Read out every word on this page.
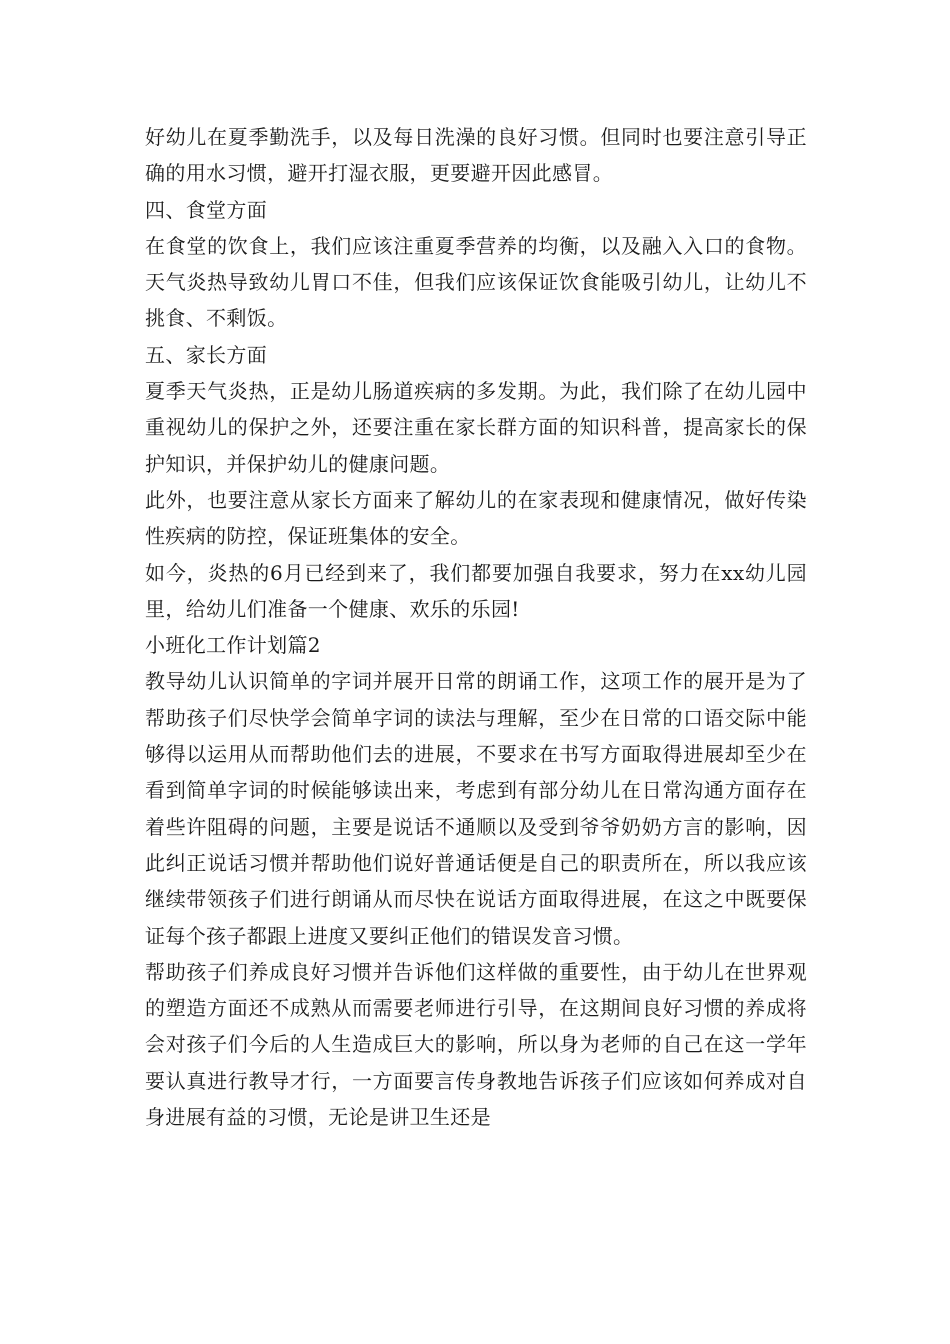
好幼儿在夏季勤洗手，以及每日洗澡的良好习惯。但同时也要注意引导正确的用水习惯，避开打湿衣服，更要避开因此感冒。

四、食堂方面

在食堂的饮食上，我们应该注重夏季营养的均衡，以及融入入口的食物。天气炎热导致幼儿胃口不佳，但我们应该保证饮食能吸引幼儿，让幼儿不挑食、不剩饭。

五、家长方面

夏季天气炎热，正是幼儿肠道疾病的多发期。为此，我们除了在幼儿园中重视幼儿的保护之外，还要注重在家长群方面的知识科普，提高家长的保护知识，并保护幼儿的健康问题。

此外，也要注意从家长方面来了解幼儿的在家表现和健康情况，做好传染性疾病的防控，保证班集体的安全。

如今，炎热的6月已经到来了，我们都要加强自我要求，努力在xx幼儿园里，给幼儿们准备一个健康、欢乐的乐园!

小班化工作计划篇2

教导幼儿认识简单的字词并展开日常的朗诵工作，这项工作的展开是为了帮助孩子们尽快学会简单字词的读法与理解，至少在日常的口语交际中能够得以运用从而帮助他们去的进展，不要求在书写方面取得进展却至少在看到简单字词的时候能够读出来，考虑到有部分幼儿在日常沟通方面存在着些许阻碍的问题，主要是说话不通顺以及受到爷爷奶奶方言的影响，因此纠正说话习惯并帮助他们说好普通话便是自己的职责所在，所以我应该继续带领孩子们进行朗诵从而尽快在说话方面取得进展，在这之中既要保证每个孩子都跟上进度又要纠正他们的错误发音习惯。

帮助孩子们养成良好习惯并告诉他们这样做的重要性，由于幼儿在世界观的塑造方面还不成熟从而需要老师进行引导，在这期间良好习惯的养成将会对孩子们今后的人生造成巨大的影响，所以身为老师的自己在这一学年要认真进行教导才行，一方面要言传身教地告诉孩子们应该如何养成对自身进展有益的习惯，无论是讲卫生还是
